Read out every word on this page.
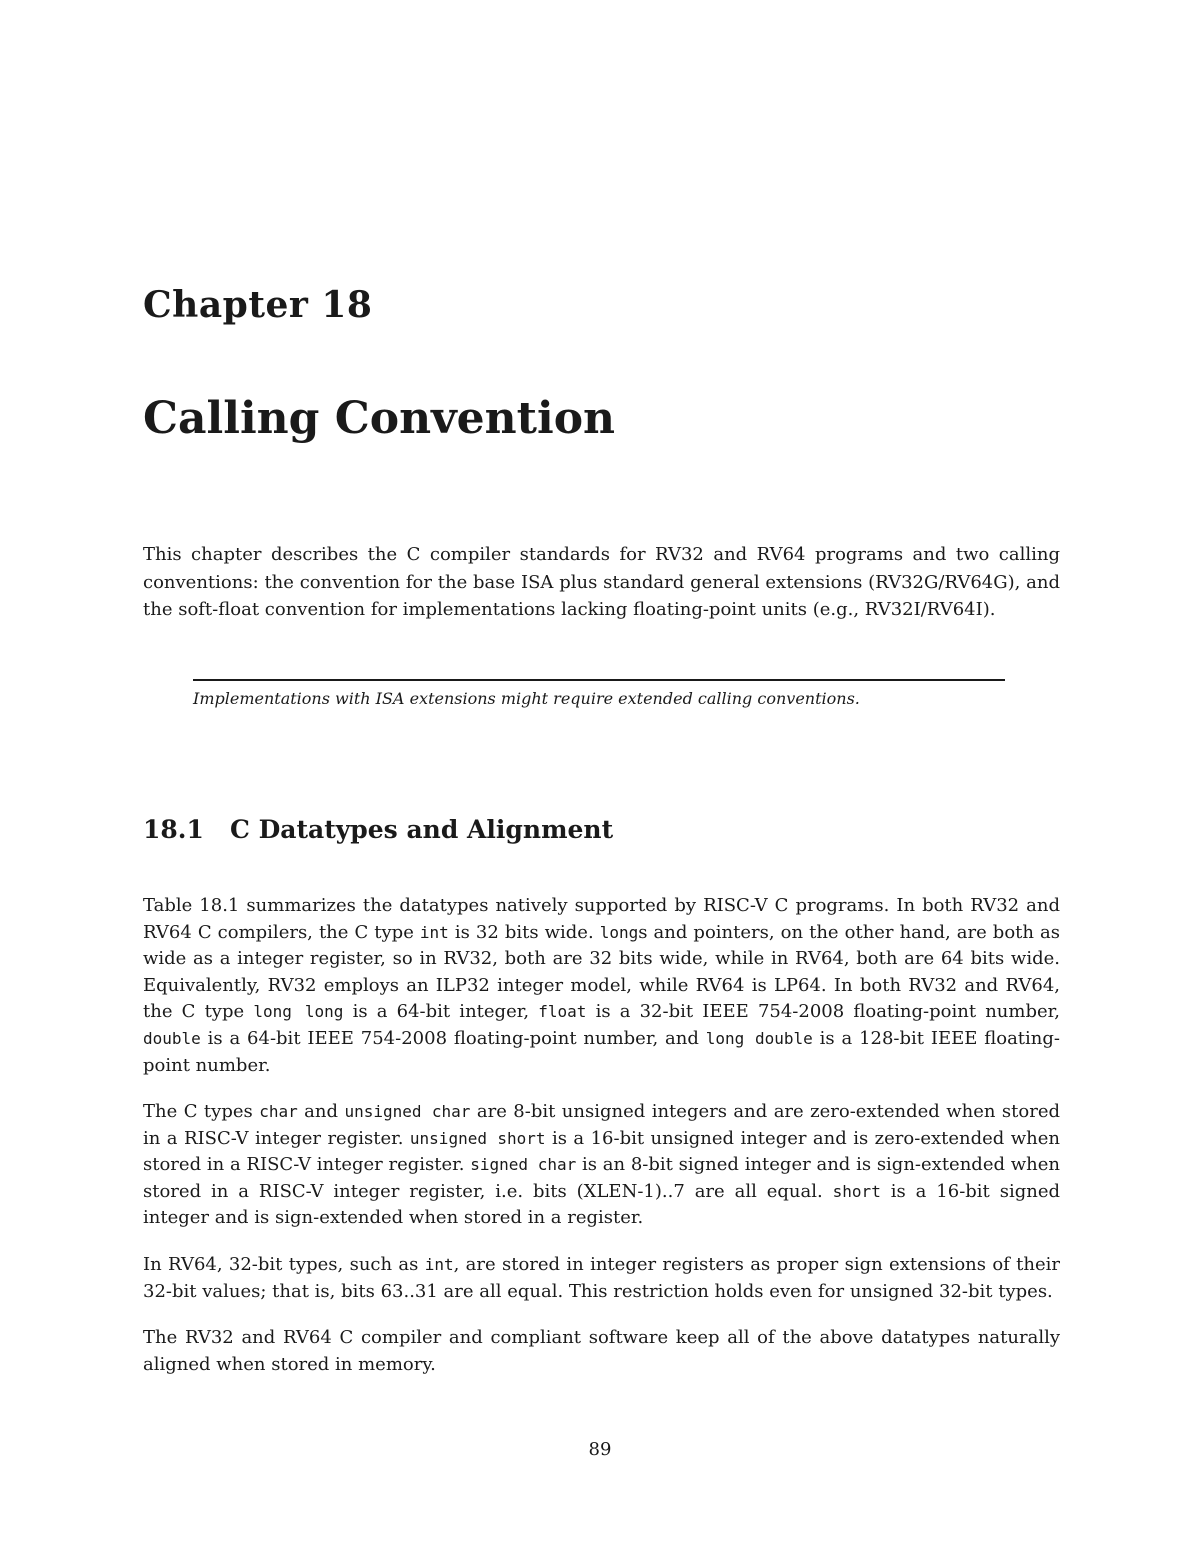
Chapter 18
Calling Convention

This chapter describes the C compiler standards for RV32 and RV64 programs and two calling conventions: the convention for the base ISA plus standard general extensions (RV32G/RV64G), and the soft-float convention for implementations lacking floating-point units (e.g., RV32I/RV64I).

Implementations with ISA extensions might require extended calling conventions.

18.1 C Datatypes and Alignment

Table 18.1 summarizes the datatypes natively supported by RISC-V C programs. In both RV32 and RV64 C compilers, the C type int is 32 bits wide. longs and pointers, on the other hand, are both as wide as a integer register, so in RV32, both are 32 bits wide, while in RV64, both are 64 bits wide. Equivalently, RV32 employs an ILP32 integer model, while RV64 is LP64. In both RV32 and RV64, the C type long long is a 64-bit integer, float is a 32-bit IEEE 754-2008 floating-point number, double is a 64-bit IEEE 754-2008 floating-point number, and long double is a 128-bit IEEE floating-point number.

The C types char and unsigned char are 8-bit unsigned integers and are zero-extended when stored in a RISC-V integer register. unsigned short is a 16-bit unsigned integer and is zero-extended when stored in a RISC-V integer register. signed char is an 8-bit signed integer and is sign-extended when stored in a RISC-V integer register, i.e. bits (XLEN-1)..7 are all equal. short is a 16-bit signed integer and is sign-extended when stored in a register.

In RV64, 32-bit types, such as int, are stored in integer registers as proper sign extensions of their 32-bit values; that is, bits 63..31 are all equal. This restriction holds even for unsigned 32-bit types.

The RV32 and RV64 C compiler and compliant software keep all of the above datatypes naturally aligned when stored in memory.

89
